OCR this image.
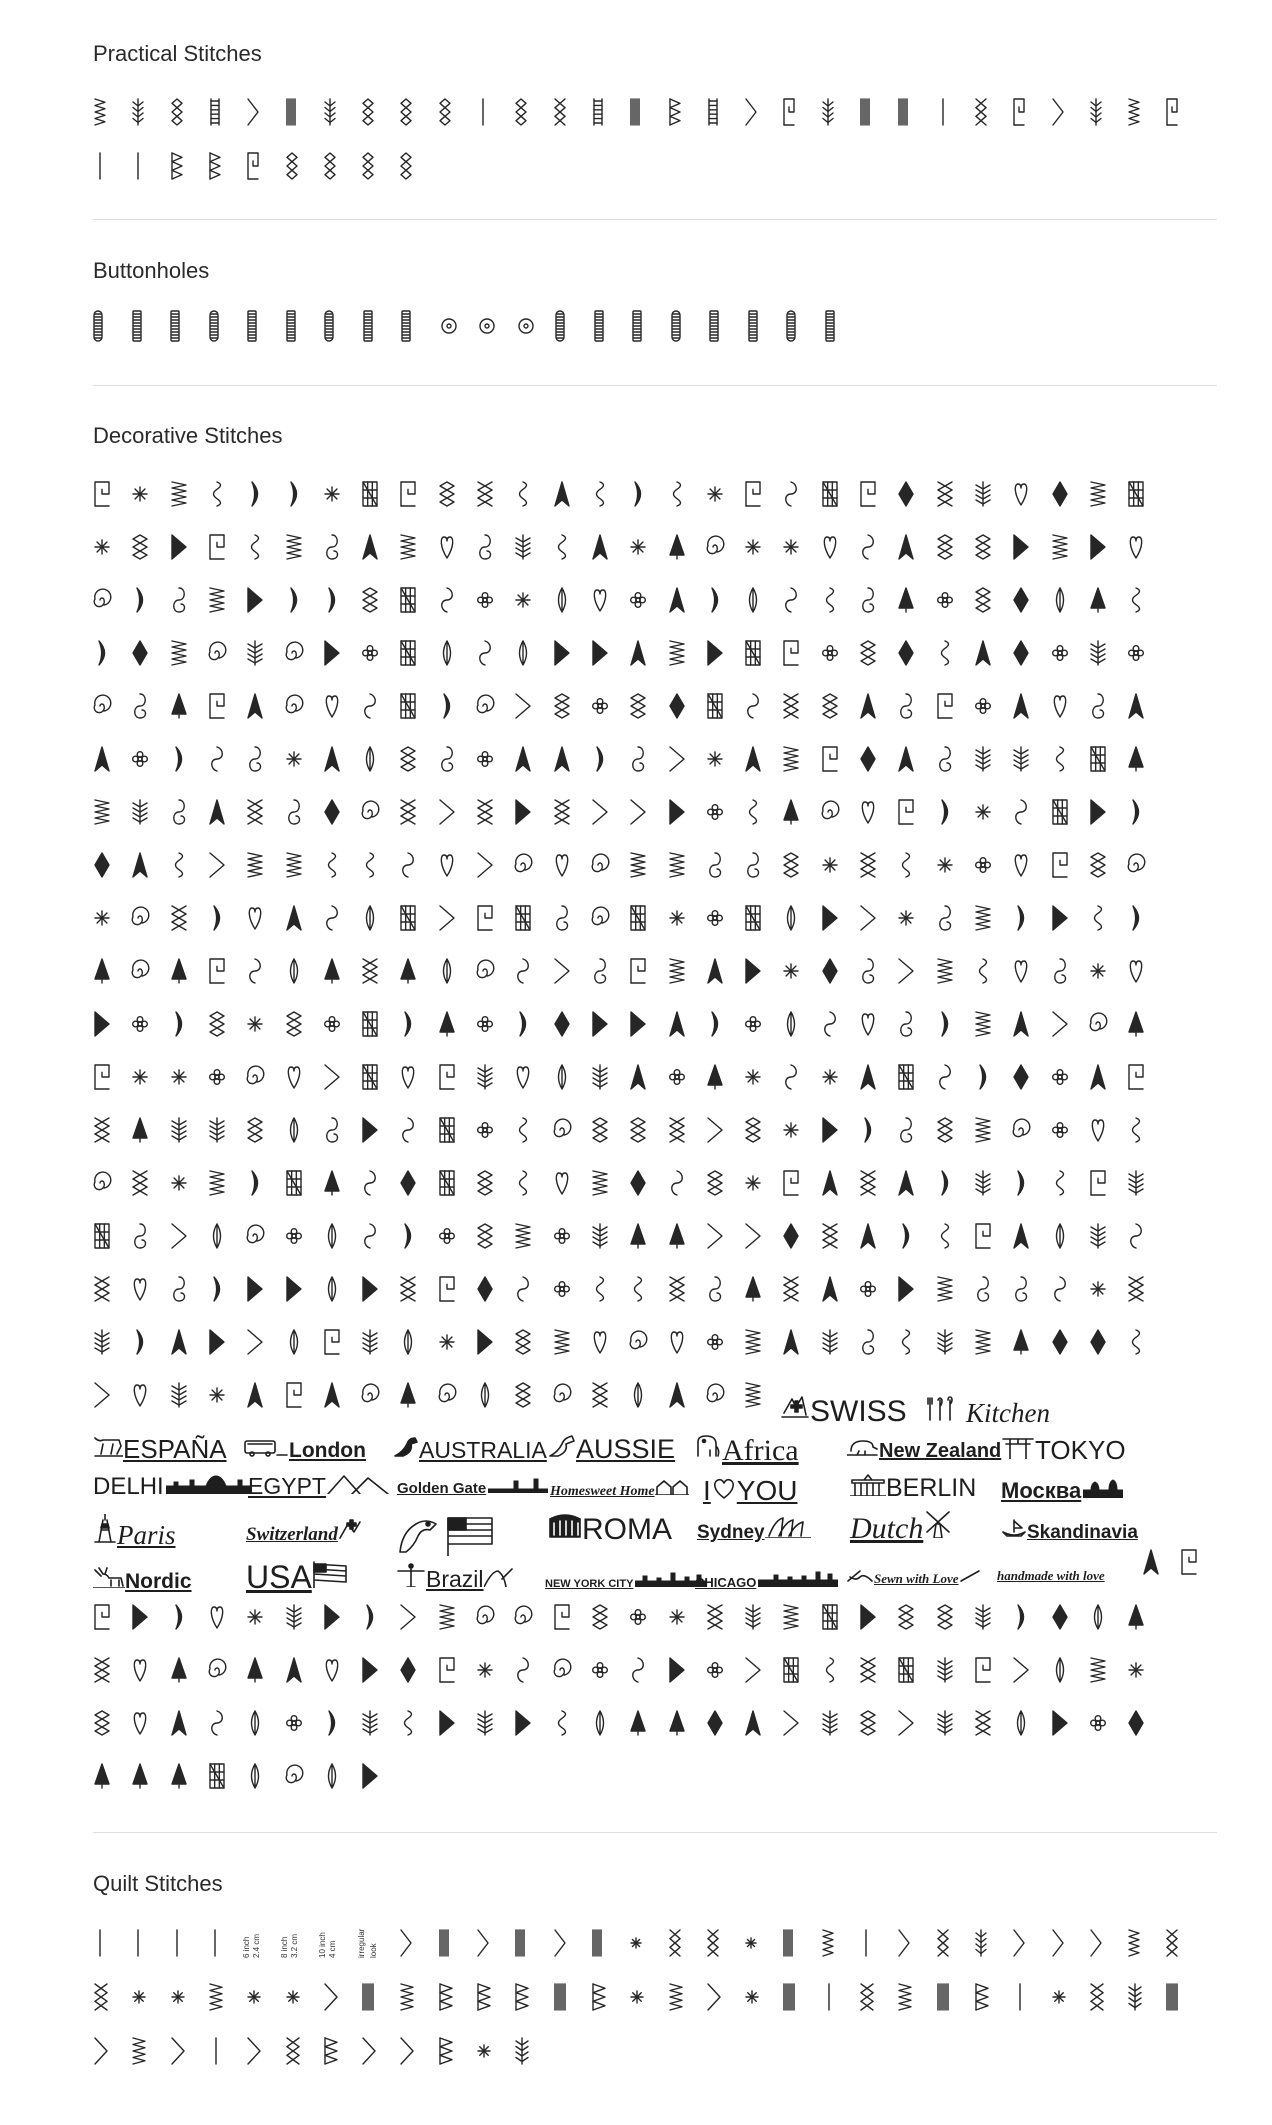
Practical Stitches
Buttonholes
Decorative Stitches
SWISS	Kitchen
ESPAÑA	London	AUSTRALIA	AUSSIE	Africa	New Zealand	TOKYO
DELHI	EGYPT	Golden Gate	Homesweet Home	I YOU	BERLIN Москва
Paris	Switzerland	ROMA Sydney	Dutch	Skandinavia
Nordic USA	Brazil	NEW YORK CITY	CHICAGO	Sewn with Love	handmade with love
Quilt Stitches
6 inch 2.4 cm 8 inch 3.2 cm 10 inch 4 cm	irregular look
